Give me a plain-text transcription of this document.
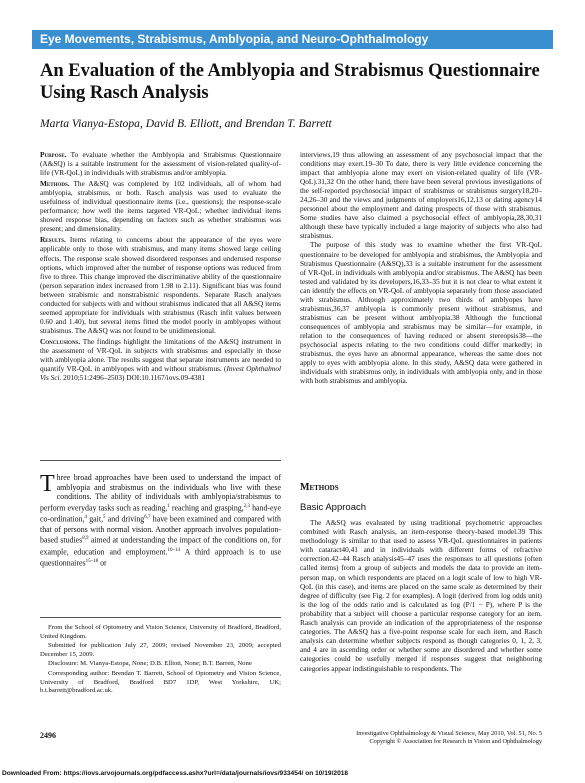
Eye Movements, Strabismus, Amblyopia, and Neuro-Ophthalmology
An Evaluation of the Amblyopia and Strabismus Questionnaire Using Rasch Analysis
Marta Vianya-Estopa, David B. Elliott, and Brendan T. Barrett

Purpose. To evaluate whether the Amblyopia and Strabismus Questionnaire (A&SQ) is a suitable instrument for the assessment of vision-related quality-of-life (VR-QoL) in individuals with strabismus and/or amblyopia.

Methods. The A&SQ was completed by 102 individuals, all of whom had amblyopia, strabismus, or both. Rasch analysis was used to evaluate the usefulness of individual questionnaire items (i.e., questions); the response-scale performance; how well the items targeted VR-QoL; whether individual items showed response bias, depending on factors such as whether strabismus was present; and dimensionality.

Results. Items relating to concerns about the appearance of the eyes were applicable only to those with strabismus, and many items showed large ceiling effects. The response scale showed disordered responses and underused response options, which improved after the number of response options was reduced from five to three. This change improved the discriminative ability of the questionnaire (person separation index increased from 1.98 to 2.11). Significant bias was found between strabismic and nonstrabismic respondents. Separate Rasch analyses conducted for subjects with and without strabismus indicated that all A&SQ items seemed appropriate for individuals with strabismus (Rasch infit values between 0.60 and 1.40), but several items fitted the model poorly in amblyopes without strabismus. The A&SQ was not found to be unidimensional.

Conclusions. The findings highlight the limitations of the A&SQ instrument in the assessment of VR-QoL in subjects with strabismus and especially in those with amblyopia alone. The results suggest that separate instruments are needed to quantify VR-QoL in amblyopes with and without strabismus. (Invest Ophthalmol Vis Sci. 2010;51:2496–2503) DOI:10.1167/iovs.09-4381

Three broad approaches have been used to understand the impact of amblyopia and strabismus on the individuals who live with these conditions. The ability of individuals with amblyopia/strabismus to perform everyday tasks such as reading,$^1$ reaching and grasping,$^{2,3}$ hand-eye co-ordination,$^4$ gait,$^5$ and driving$^{6,7}$ have been examined and compared with that of persons with normal vision. Another approach involves population-based studies$^{8,9}$ aimed at understanding the impact of the conditions on, for example, education and employment.$^{10-14}$ A third approach is to use questionnaires$^{15-18}$ or

From the School of Optometry and Vision Science, University of Bradford, Bradford, United Kingdom.

Submitted for publication July 27, 2009; revised November 23, 2009; accepted December 15, 2009.

Disclosure: M. Vianya-Estopa, None; D.B. Elliott, None; B.T. Barrett, None

Corresponding author: Brendan T. Barrett, School of Optometry and Vision Science, University of Bradford, Bradford BD7 1DP, West Yorkshire, UK; b.t.barrett@bradford.ac.uk.

interviews,19 thus allowing an assessment of any psychosocial impact that the conditions may exert.19–30 To date, there is very little evidence concerning the impact that amblyopia alone may exert on vision-related quality of life (VR-QoL).31,32 On the other hand, there have been several previous investigations of the self-reported psychosocial impact of strabismus or strabismus surgery18,20–24,26–30 and the views and judgments of employers16,12,13 or dating agency14 personnel about the employment and dating prospects of those with strabismus. Some studies have also claimed a psychosocial effect of amblyopia,28,30,31 although these have typically included a large majority of subjects who also had strabismus.

The purpose of this study was to examine whether the first VR-QoL questionnaire to be developed for amblyopia and strabismus, the Amblyopia and Strabismus Questionnaire (A&SQ),33 is a suitable instrument for the assessment of VR-QoL in individuals with amblyopia and/or strabismus. The A&SQ has been tested and validated by its developers,16,33–35 but it is not clear to what extent it can identify the effects on VR-QoL of amblyopia separately from those associated with strabismus. Although approximately two thirds of amblyopes have strabismus,36,37 amblyopia is commonly present without strabismus, and strabismus can be present without amblyopia.38 Although the functional consequences of amblyopia and strabismus may be similar—for example, in relation to the consequences of having reduced or absent stereopsis38—the psychosocial aspects relating to the two conditions could differ markedly; in strabismus, the eyes have an abnormal appearance, whereas the same does not apply to eyes with amblyopia alone. In this study, A&SQ data were gathered in individuals with strabismus only, in individuals with amblyopia only, and in those with both strabismus and amblyopia.

Methods
Basic Approach

The A&SQ was evaluated by using traditional psychometric approaches combined with Rasch analysis, an item-response theory-based model.39 This methodology is similar to that used to assess VR-QoL questionnaires in patients with cataract40,41 and in individuals with different forms of refractive correction.42–44 Rasch analysis45–47 uses the responses to all questions (often called items) from a group of subjects and models the data to provide an item-person map, on which respondents are placed on a logit scale of low to high VR-QoL (in this case), and items are placed on the same scale as determined by their degree of difficulty (see Fig. 2 for examples). A logit (derived from log odds unit) is the log of the odds ratio and is calculated as log (P/1 − P), where P is the probability that a subject will choose a particular response category for an item. Rasch analysis can provide an indication of the appropriateness of the response categories. The A&SQ has a five-point response scale for each item, and Rasch analysis can determine whether subjects respond as though categories 0, 1, 2, 3, and 4 are in ascending order or whether some are disordered and whether some categories could be usefully merged if responses suggest that neighboring categories appear indistinguishable to respondents. The

2496	Investigative Ophthalmology & Visual Science, May 2010, Vol. 51, No. 5
Copyright © Association for Research in Vision and Ophthalmology
Downloaded From: https://iovs.arvojournals.org/pdfaccess.ashx?url=/data/journals/iovs/933454/ on 10/19/2018
